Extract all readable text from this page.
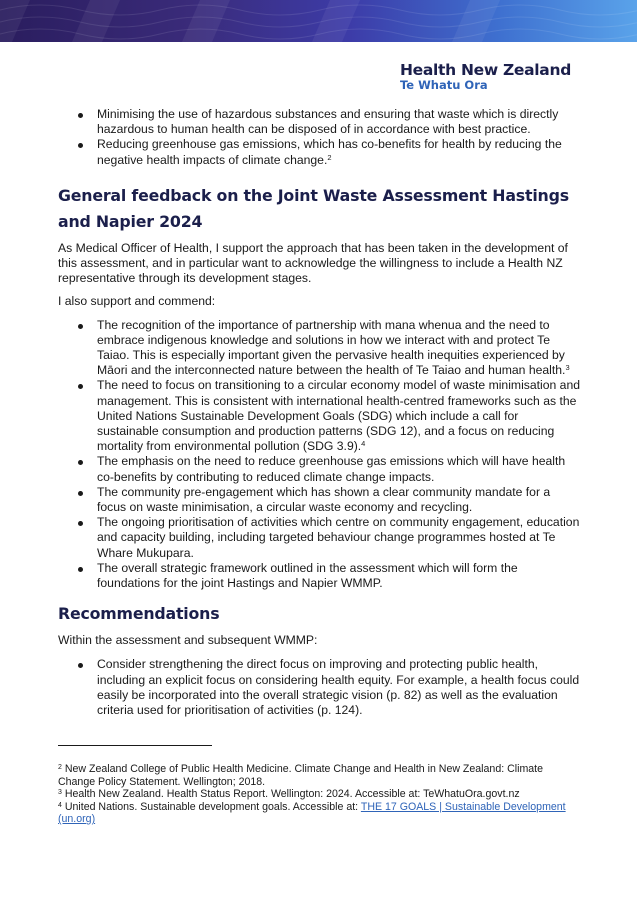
Health New Zealand
Te Whatu Ora
Minimising the use of hazardous substances and ensuring that waste which is directly hazardous to human health can be disposed of in accordance with best practice.
Reducing greenhouse gas emissions, which has co-benefits for health by reducing the negative health impacts of climate change.$^2$
General feedback on the Joint Waste Assessment Hastings and Napier 2024

As Medical Officer of Health, I support the approach that has been taken in the development of this assessment, and in particular want to acknowledge the willingness to include a Health NZ representative through its development stages.

I also support and commend:

The recognition of the importance of partnership with mana whenua and the need to embrace indigenous knowledge and solutions in how we interact with and protect Te Taiao. This is especially important given the pervasive health inequities experienced by Māori and the interconnected nature between the health of Te Taiao and human health.$^3$
The need to focus on transitioning to a circular economy model of waste minimisation and management. This is consistent with international health-centred frameworks such as the United Nations Sustainable Development Goals (SDG) which include a call for sustainable consumption and production patterns (SDG 12), and a focus on reducing mortality from environmental pollution (SDG 3.9).$^4$
The emphasis on the need to reduce greenhouse gas emissions which will have health co-benefits by contributing to reduced climate change impacts.
The community pre-engagement which has shown a clear community mandate for a focus on waste minimisation, a circular waste economy and recycling.
The ongoing prioritisation of activities which centre on community engagement, education and capacity building, including targeted behaviour change programmes hosted at Te Whare Mukupara.
The overall strategic framework outlined in the assessment which will form the foundations for the joint Hastings and Napier WMMP.
Recommendations

Within the assessment and subsequent WMMP:

Consider strengthening the direct focus on improving and protecting public health, including an explicit focus on considering health equity. For example, a health focus could easily be incorporated into the overall strategic vision (p. 82) as well as the evaluation criteria used for prioritisation of activities (p. 124).
$^2$ New Zealand College of Public Health Medicine. Climate Change and Health in New Zealand: Climate Change Policy Statement. Wellington; 2018.
$^3$ Health New Zealand. Health Status Report. Wellington: 2024. Accessible at: TeWhatuOra.govt.nz
$^4$ United Nations. Sustainable development goals. Accessible at: THE 17 GOALS | Sustainable Development (un.org)
